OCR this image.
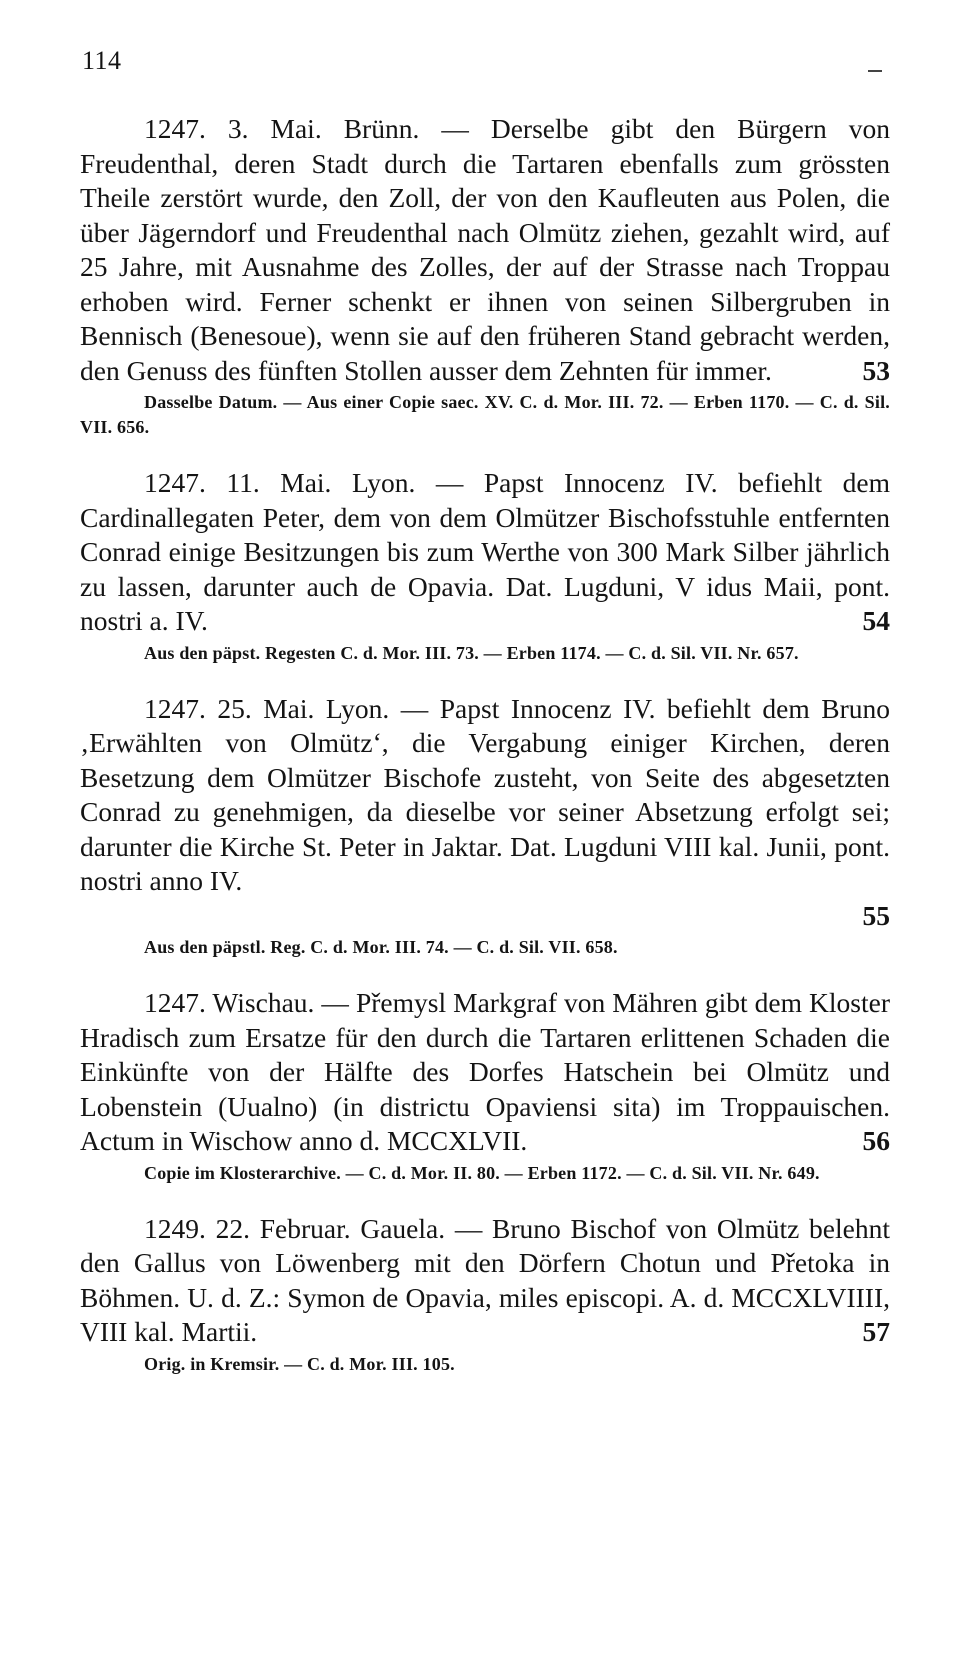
114

1247. 3. Mai. Brünn. — Derselbe gibt den Bürgern von Freudenthal, deren Stadt durch die Tartaren ebenfalls zum grössten Theile zerstört wurde, den Zoll, der von den Kaufleuten aus Polen, die über Jägerndorf und Freudenthal nach Olmütz ziehen, gezahlt wird, auf 25 Jahre, mit Ausnahme des Zolles, der auf der Strasse nach Troppau erhoben wird. Ferner schenkt er ihnen von seinen Silbergruben in Bennisch (Benesoue), wenn sie auf den früheren Stand gebracht werden, den Genuss des fünften Stollen ausser dem Zehnten für immer.	53

Dasselbe Datum. — Aus einer Copie saec. XV. C. d. Mor. III. 72. — Erben 1170. — C. d. Sil. VII. 656.

1247. 11. Mai. Lyon. — Papst Innocenz IV. befiehlt dem Cardinallegaten Peter, dem von dem Olmützer Bischofsstuhle entfernten Conrad einige Besitzungen bis zum Werthe von 300 Mark Silber jährlich zu lassen, darunter auch de Opavia. Dat. Lugduni, V idus Maii, pont. nostri a. IV.	54

Aus den päpst. Regesten C. d. Mor. III. 73. — Erben 1174. — C. d. Sil. VII. Nr. 657.

1247. 25. Mai. Lyon. — Papst Innocenz IV. befiehlt dem Bruno ‚Erwählten von Olmütz‘, die Vergabung einiger Kirchen, deren Besetzung dem Olmützer Bischofe zusteht, von Seite des abgesetzten Conrad zu genehmigen, da dieselbe vor seiner Absetzung erfolgt sei; darunter die Kirche St. Peter in Jaktar. Dat. Lugduni VIII kal. Junii, pont. nostri anno IV.
55

Aus den päpstl. Reg. C. d. Mor. III. 74. — C. d. Sil. VII. 658.

1247. Wischau. — Přemysl Markgraf von Mähren gibt dem Kloster Hradisch zum Ersatze für den durch die Tartaren erlittenen Schaden die Einkünfte von der Hälfte des Dorfes Hatschein bei Olmütz und Lobenstein (Uualno) (in districtu Opaviensi sita) im Troppauischen. Actum in Wischow anno d. MCCXLVII.	56

Copie im Klosterarchive. — C. d. Mor. II. 80. — Erben 1172. — C. d. Sil. VII. Nr. 649.

1249. 22. Februar. Gauela. — Bruno Bischof von Olmütz belehnt den Gallus von Löwenberg mit den Dörfern Chotun und Přetoka in Böhmen. U. d. Z.: Symon de Opavia, miles episcopi. A. d. MCCXLVIIII, VIII kal. Martii.	57

Orig. in Kremsir. — C. d. Mor. III. 105.
